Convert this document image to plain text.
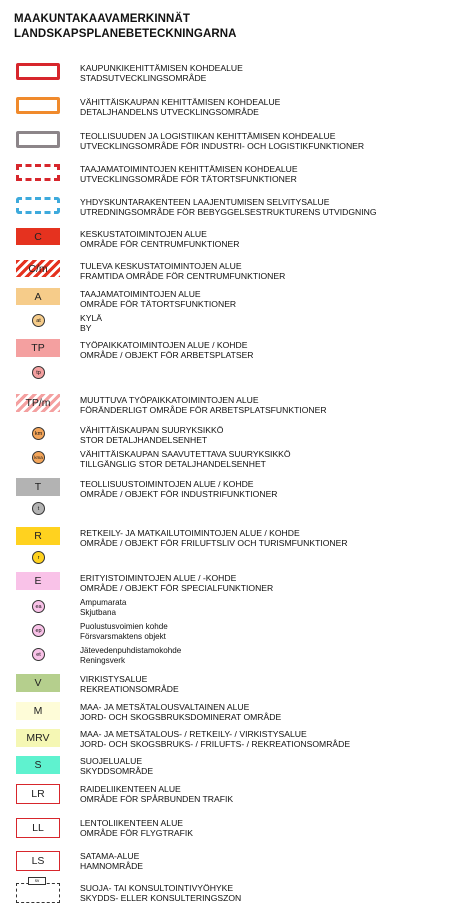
MAAKUNTAKAAVAMERKINNÄT
LANDSKAPSPLANEBETECKNINGARNA
KAUPUNKIKEHITTÄMISEN KOHDEALUE
STADSUTVECKLINGSOMRÅDE
VÄHITTÄISKAUPAN KEHITTÄMISEN KOHDEALUE
DETALJHANDELNS UTVECKLINGSOMRÅDE
TEOLLISUUDEN JA LOGISTIIKAN KEHITTÄMISEN KOHDEALUE
UTVECKLINGSOMRÅDE FÖR INDUSTRI- OCH LOGISTIKFUNKTIONER
TAAJAMATOIMINTOJEN KEHITTÄMISEN KOHDEALUE
UTVECKLINGSOMRÅDE FÖR TÄTORTSFUNKTIONER
YHDYSKUNTARAKENTEEN LAAJENTUMISEN SELVITYSALUE
UTREDNINGSOMRÅDE FÖR BEBYGGELSESTRUKTURENS UTVIDGNING
C	KESKUSTATOIMINTOJEN ALUE
OMRÅDE FÖR CENTRUMFUNKTIONER
C/m	TULEVA KESKUSTATOIMINTOJEN ALUE
FRAMTIDA OMRÅDE FÖR CENTRUMFUNKTIONER
A	TAAJAMATOIMINTOJEN ALUE
OMRÅDE FÖR TÄTORTSFUNKTIONER
at	KYLÄ
BY
TP	TYÖPAIKKATOIMINTOJEN ALUE / KOHDE
OMRÅDE / OBJEKT FÖR ARBETSPLATSER
tp
TP/m	MUUTTUVA TYÖPAIKKATOIMINTOJEN ALUE
FÖRÄNDERLIGT OMRÅDE FÖR ARBETSPLATSFUNKTIONER
km	VÄHITTÄISKAUPAN SUURYKSIKKÖ
STOR DETALJHANDELSENHET
kma	VÄHITTÄISKAUPAN SAAVUTETTAVA SUURYKSIKKÖ
TILLGÄNGLIG STOR DETALJHANDELSENHET
T	TEOLLISUUSTOIMINTOJEN ALUE / KOHDE
OMRÅDE / OBJEKT FÖR INDUSTRIFUNKTIONER
t
R	RETKEILY- JA MATKAILUTOIMINTOJEN ALUE / KOHDE
OMRÅDE / OBJEKT FÖR FRILUFTSLIV OCH TURISMFUNKTIONER
r
E	ERITYISTOIMINTOJEN ALUE / -KOHDE
OMRÅDE / OBJEKT FÖR SPECIALFUNKTIONER
ea	Ampumarata
Skjutbana
ep	Puolustusvoimien kohde
Försvarsmaktens objekt
et	Jätevedenpuhdistamokohde
Reningsverk
V	VIRKISTYSALUE
REKREATIONSOMRÅDE
M	MAA- JA METSÄTALOUSVALTAINEN ALUE
JORD- OCH SKOGSBRUKSDOMINERAT OMRÅDE
MRV	MAA- JA METSÄTALOUS- / RETKEILY- / VIRKISTYSALUE
JORD- OCH SKOGSBRUKS- / FRILUFTS- / REKREATIONSOMRÅDE
S	SUOJELUALUE
SKYDDSOMRÅDE
LR	RAIDELIIKENTEEN ALUE
OMRÅDE FÖR SPÅRBUNDEN TRAFIK
LL	LENTOLIIKENTEEN ALUE
OMRÅDE FÖR FLYGTRAFIK
LS	SATAMA-ALUE
HAMNOMRÅDE
sv
SUOJA- TAI KONSULTOINTIVYÖHYKE
SKYDDS- ELLER KONSULTERINGSZON
